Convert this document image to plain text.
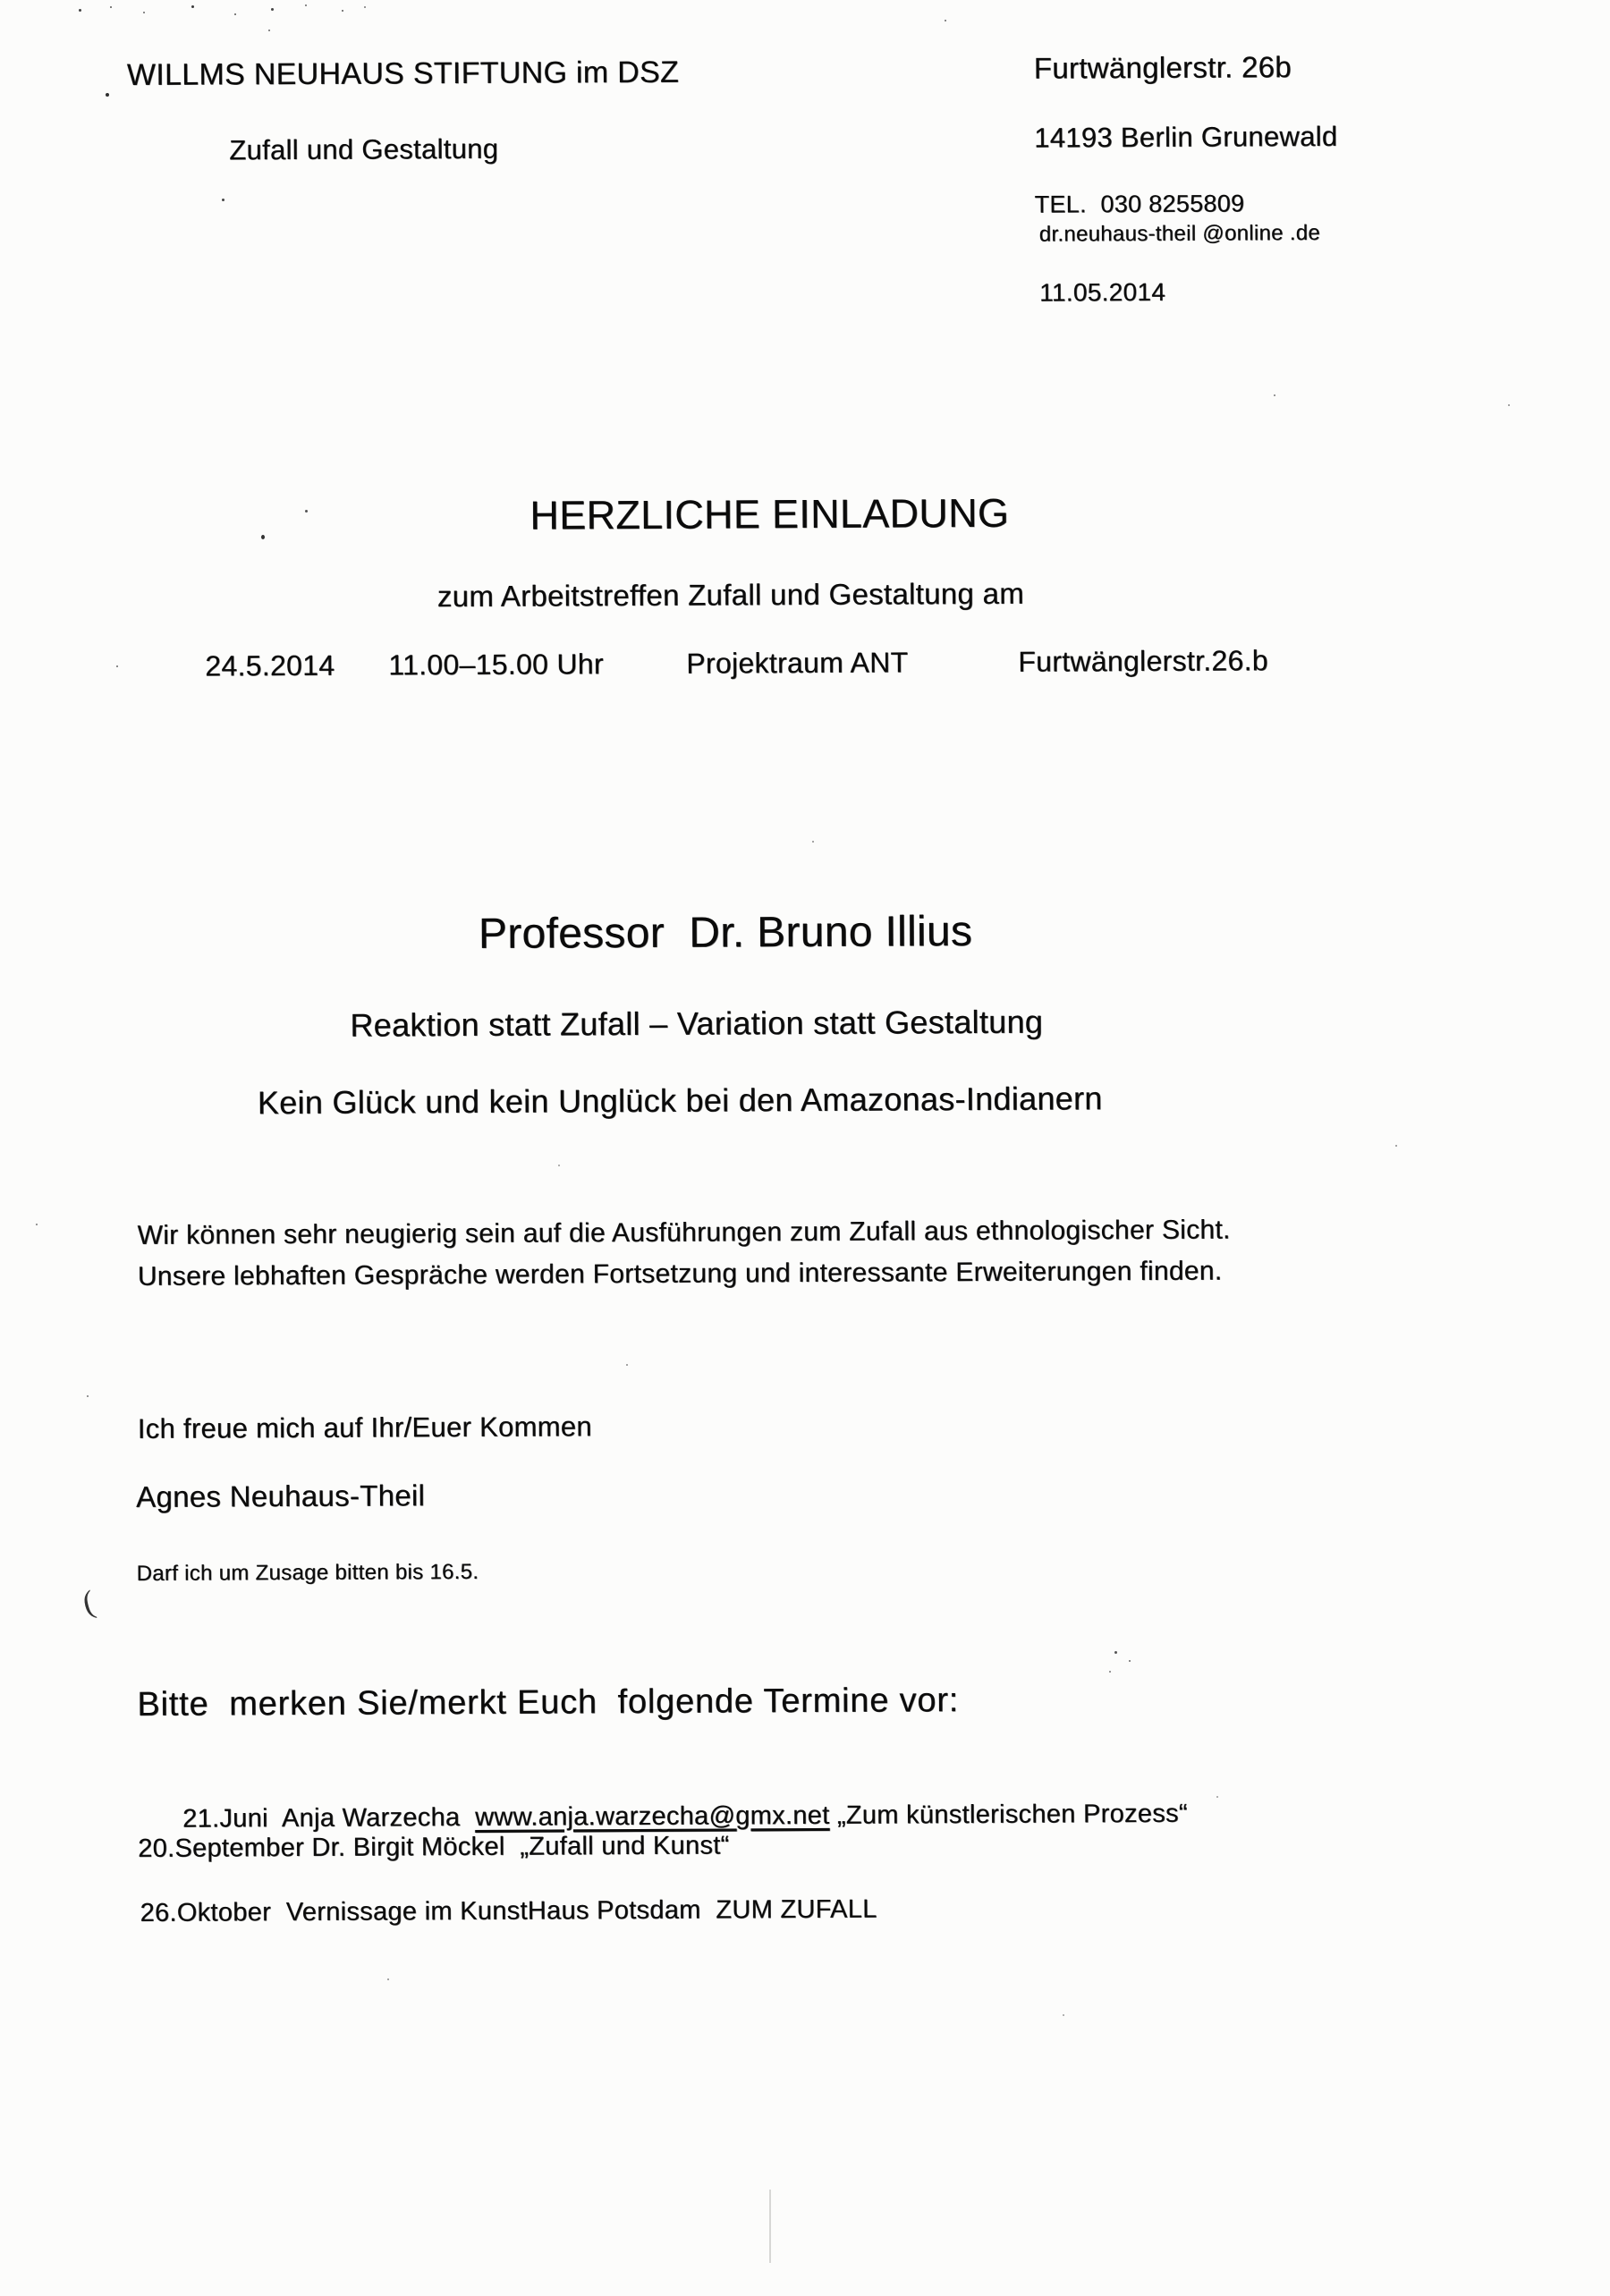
WILLMS NEUHAUS STIFTUNG im DSZ
Zufall und Gestaltung
Furtwänglerstr. 26b
14193 Berlin Grunewald
TEL.  030 8255809
dr.neuhaus-theil @online .de
11.05.2014
HERZLICHE EINLADUNG
zum Arbeitstreffen Zufall und Gestaltung am
24.5.2014 11.00–15.00 Uhr	Projektraum ANT	Furtwänglerstr.26.b
Professor  Dr. Bruno Illius
Reaktion statt Zufall – Variation statt Gestaltung
Kein Glück und kein Unglück bei den Amazonas-Indianern
Wir können sehr neugierig sein auf die Ausführungen zum Zufall aus ethnologischer Sicht.
Unsere lebhaften Gespräche werden Fortsetzung und interessante Erweiterungen finden.
Ich freue mich auf Ihr/Euer Kommen
Agnes Neuhaus-Theil
Darf ich um Zusage bitten bis 16.5.
Bitte  merken Sie/merkt Euch  folgende Termine vor:

21.Juni  Anja Warzecha  www.anja.warzecha@gmx.net „Zum künstlerischen Prozess“

20.September Dr. Birgit Möckel  „Zufall und Kunst“
26.Oktober  Vernissage im KunstHaus Potsdam  ZUM ZUFALL
(
